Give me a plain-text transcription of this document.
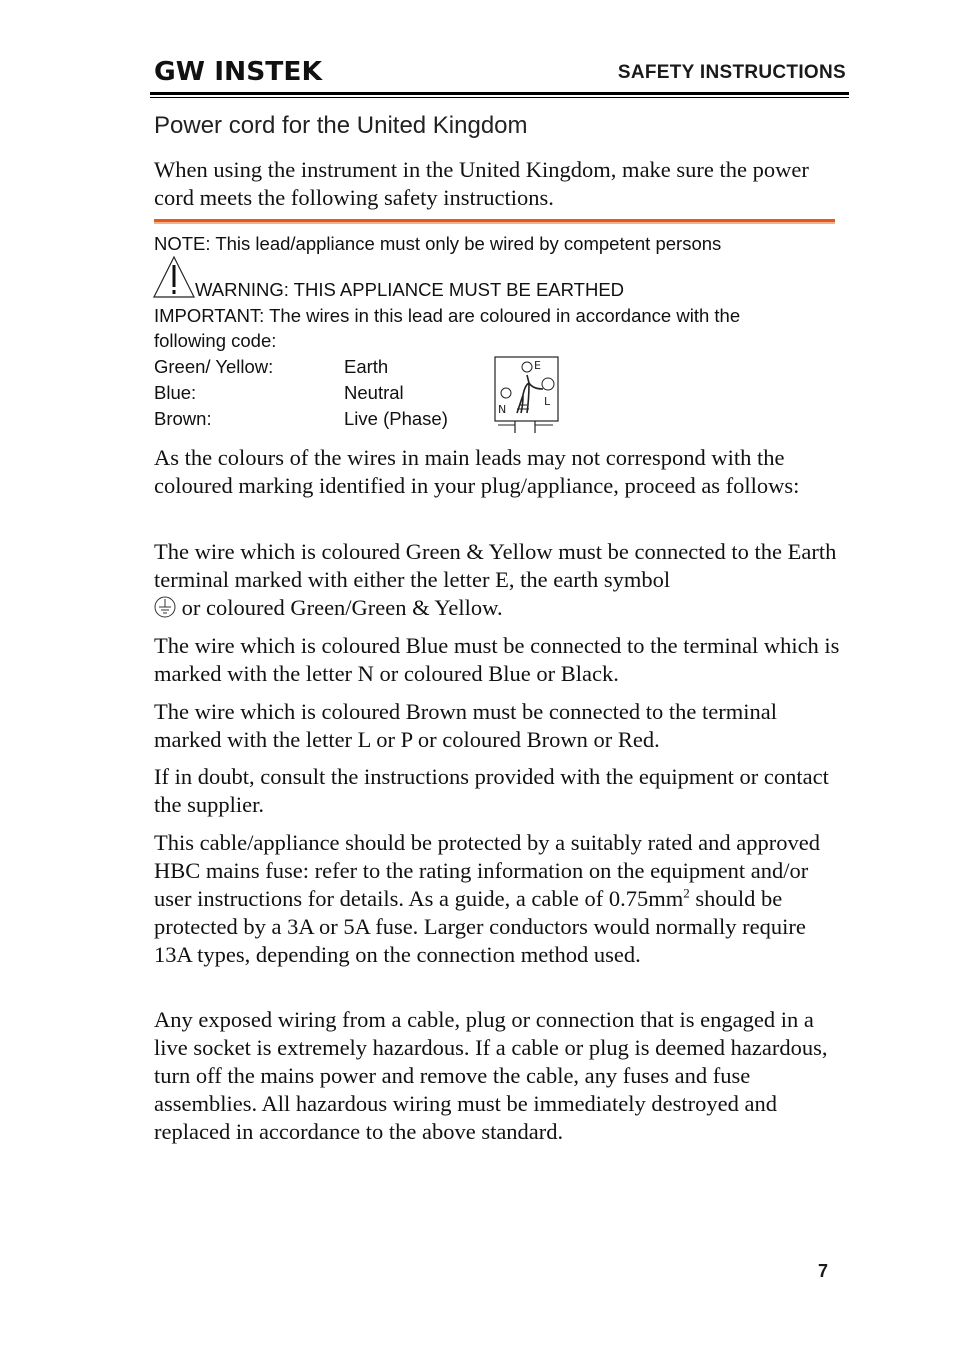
GW INSTEK	SAFETY INSTRUCTIONS
Power cord for the United Kingdom

When using the instrument in the United Kingdom, make sure the power cord meets the following safety instructions.

NOTE: This lead/appliance must only be wired by competent persons
WARNING: THIS APPLIANCE MUST BE EARTHED
IMPORTANT: The wires in this lead are coloured in accordance with the
following code:
Green/ Yellow:	Earth
Blue:	Neutral
Brown:	Live (Phase)
E
N
L

As the colours of the wires in main leads may not correspond with the coloured marking identified in your plug/appliance, proceed as follows:

The wire which is coloured Green & Yellow must be connected to the Earth terminal marked with either the letter E, the earth symbol
or coloured Green/Green & Yellow.

The wire which is coloured Blue must be connected to the terminal which is marked with the letter N or coloured Blue or Black.

The wire which is coloured Brown must be connected to the terminal marked with the letter L or P or coloured Brown or Red.

If in doubt, consult the instructions provided with the equipment or contact the supplier.

This cable/appliance should be protected by a suitably rated and approved HBC mains fuse: refer to the rating information on the equipment and/or user instructions for details. As a guide, a cable of $0.75mm^2$ should be protected by a 3A or 5A fuse. Larger conductors would normally require 13A types, depending on the connection method used.

Any exposed wiring from a cable, plug or connection that is engaged in a live socket is extremely hazardous. If a cable or plug is deemed hazardous, turn off the mains power and remove the cable, any fuses and fuse assemblies. All hazardous wiring must be immediately destroyed and replaced in accordance to the above standard.

7
